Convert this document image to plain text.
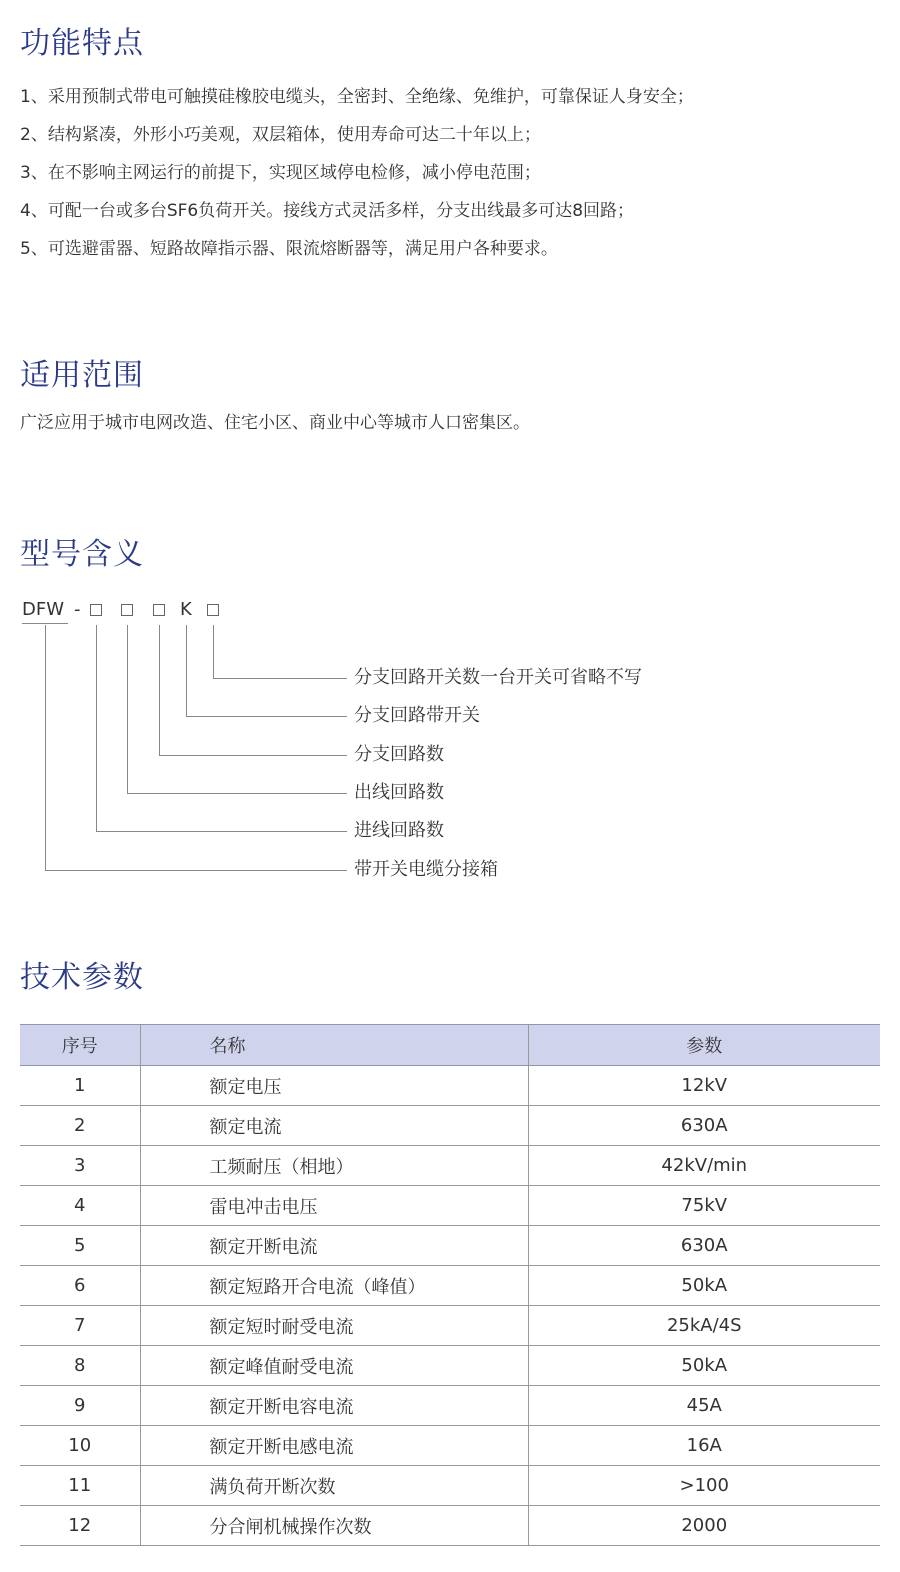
功能特点
1、采用预制式带电可触摸硅橡胶电缆头，全密封、全绝缘、免维护，可靠保证人身安全；
2、结构紧凑，外形小巧美观，双层箱体，使用寿命可达二十年以上；
3、在不影响主网运行的前提下，实现区域停电检修，减小停电范围；
4、可配一台或多台SF6负荷开关。接线方式灵活多样，分支出线最多可达8回路；
5、可选避雷器、短路故障指示器、限流熔断器等，满足用户各种要求。
适用范围
广泛应用于城市电网改造、住宅小区、商业中心等城市人口密集区。
型号含义
DFW -	K
分支回路开关数一台开关可省略不写
分支回路带开关
分支回路数
出线回路数
进线回路数
带开关电缆分接箱
技术参数
序号	名称	参数
1	额定电压	12kV
2	额定电流	630A
3	工频耐压（相地）	42kV/min
4	雷电冲击电压	75kV
5	额定开断电流	630A
6	额定短路开合电流（峰值）	50kA
7	额定短时耐受电流	25kA/4S
8	额定峰值耐受电流	50kA
9	额定开断电容电流	45A
10	额定开断电感电流	16A
11	满负荷开断次数	>100
12	分合闸机械操作次数	2000
